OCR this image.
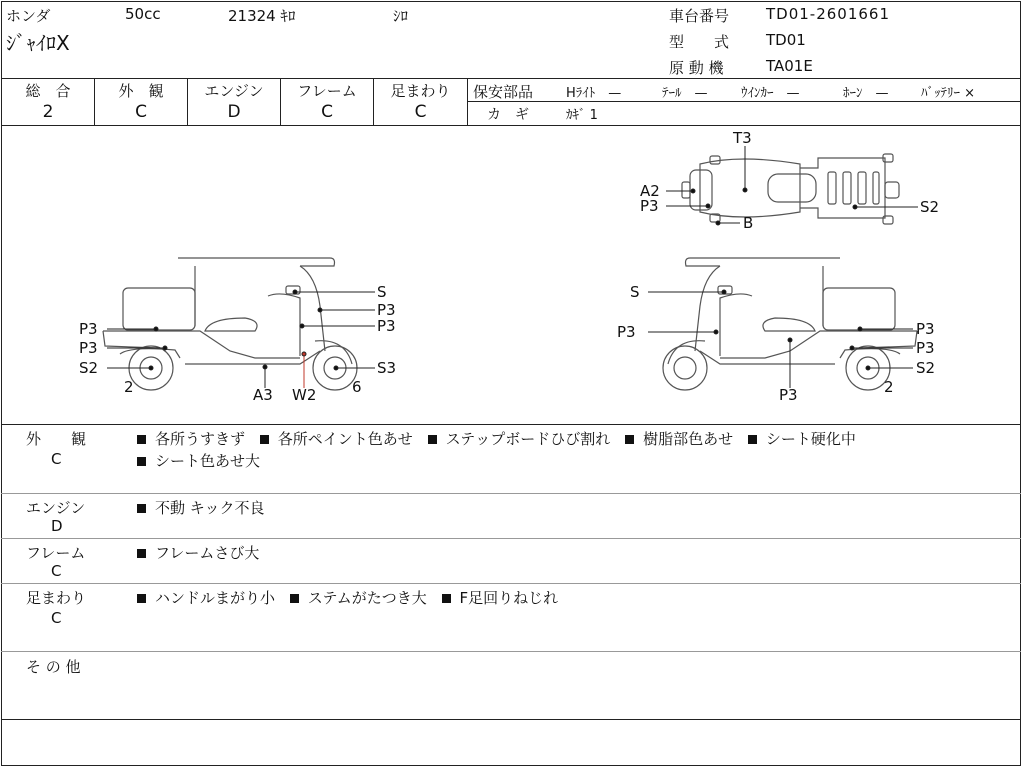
ホンダ	50cc	21324 ｷﾛ	ｼﾛ
ｼﾞｬｲﾛX
車台番号 TD01-2601661
型　　式 TD01
原 動 機	TA01E
総　合
2
外　観
C
エンジン
D
フレーム
C
足まわり
C
保安部品	Hﾗｲﾄ　—	ﾃｰﾙ　—	ｳｲﾝｶｰ　—	ﾎｰﾝ　— ﾊﾞｯﾃﾘｰ ×
カ　ギ	ｶｷﾞ 1
S
P3
P3
P3
P3
S2
2	A3 W2
S3
6
S
P3	P3
P3
P3
S2
2
T3
A2
P3
B
S2
外　　観
C
各所うすきず 各所ペイント色あせ ステップボードひび割れ 樹脂部色あせ シート硬化中
シート色あせ大
エンジン
D
不動 キック不良
フレーム
C
フレームさび大
足まわり
C
ハンドルまがり小 ステムがたつき大 F足回りねじれ
そ の 他
